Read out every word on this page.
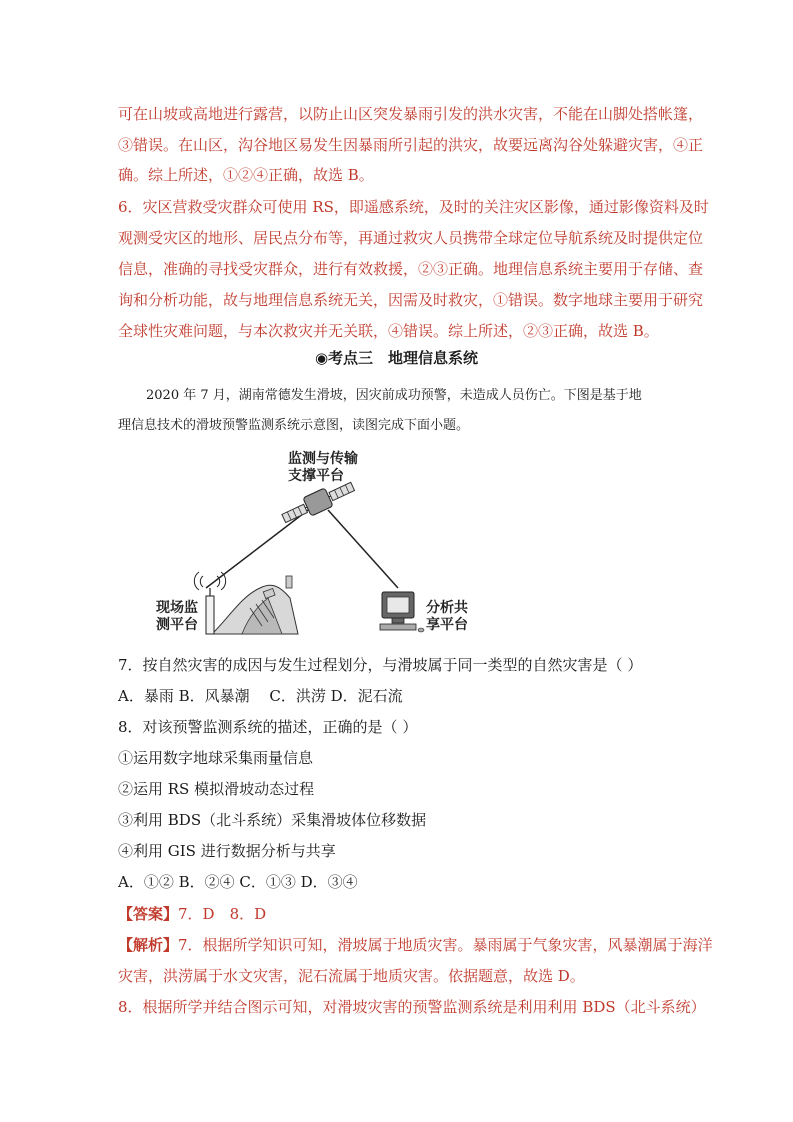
可在山坡或高地进行露营，以防止山区突发暴雨引发的洪水灾害，不能在山脚处搭帐篷，
③错误。在山区，沟谷地区易发生因暴雨所引起的洪灾，故要远离沟谷处躲避灾害，④正
确。综上所述，①②④正确，故选 B。
6．灾区营救受灾群众可使用 RS，即遥感系统，及时的关注灾区影像，通过影像资料及时
观测受灾区的地形、居民点分布等，再通过救灾人员携带全球定位导航系统及时提供定位
信息，准确的寻找受灾群众，进行有效救援，②③正确。地理信息系统主要用于存储、查
询和分析功能，故与地理信息系统无关，因需及时救灾，①错误。数字地球主要用于研究
全球性灾难问题，与本次救灾并无关联，④错误。综上所述，②③正确，故选 B。
◉考点三　地理信息系统
2020 年 7 月，湖南常德发生滑坡，因灾前成功预警，未造成人员伤亡。下图是基于地
理信息技术的滑坡预警监测系统示意图，读图完成下面小题。
监测与传输
支撑平台
现场监
测平台
分析共
享平台
7．按自然灾害的成因与发生过程划分，与滑坡属于同一类型的自然灾害是（ ）
A．暴雨 B．风暴潮　 C．洪涝 D．泥石流
8．对该预警监测系统的描述，正确的是（ ）
①运用数字地球采集雨量信息
②运用 RS 模拟滑坡动态过程
③利用 BDS（北斗系统）采集滑坡体位移数据
④利用 GIS 进行数据分析与共享
A．①② B．②④ C．①③ D．③④
【答案】7．D　8．D
【解析】7．根据所学知识可知，滑坡属于地质灾害。暴雨属于气象灾害，风暴潮属于海洋
灾害，洪涝属于水文灾害，泥石流属于地质灾害。依据题意，故选 D。
8．根据所学并结合图示可知，对滑坡灾害的预警监测系统是利用利用 BDS（北斗系统）
